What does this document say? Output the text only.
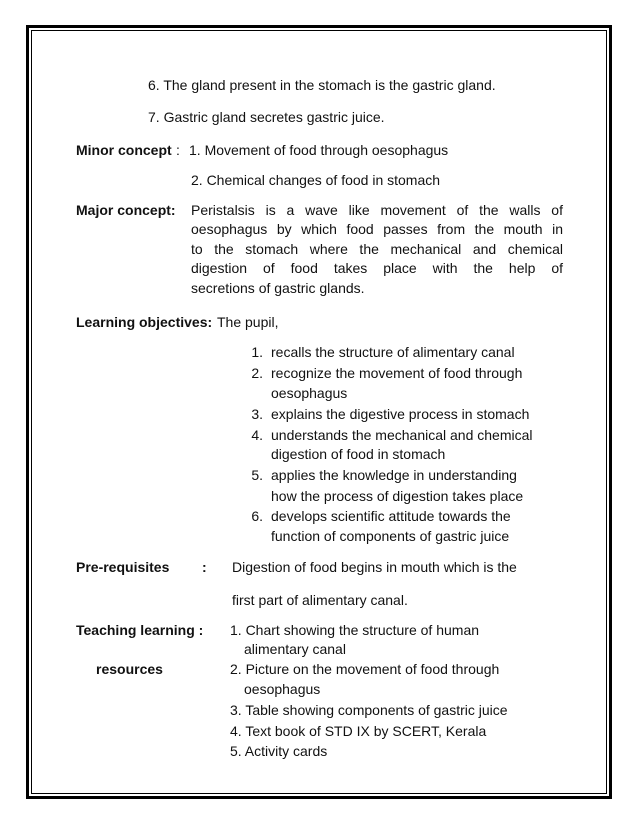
6. The gland present in the stomach is the gastric gland.
7. Gastric gland secretes gastric juice.
Minor concept : 1. Movement of food through oesophagus
2. Chemical changes of food in stomach
Major concept: Peristalsis is a wave like movement of the walls of
oesophagus by which food passes from the mouth in
to the stomach where the mechanical and chemical
digestion of food takes place with the help of
secretions of gastric glands.
Learning objectives: The pupil,
1. recalls the structure of alimentary canal
2. recognize the movement of food through
oesophagus
3. explains the digestive process in stomach
4. understands the mechanical and chemical
digestion of food in stomach
5. applies the knowledge in understanding
how the process of digestion takes place
6. develops scientific attitude towards the
function of components of gastric juice
Pre-requisites : Digestion of food begins in mouth which is the
first part of alimentary canal.
Teaching learning :
resources
1. Chart showing the structure of human
alimentary canal
2. Picture on the movement of food through
oesophagus
3. Table showing components of gastric juice
4. Text book of STD IX by SCERT, Kerala
5. Activity cards
